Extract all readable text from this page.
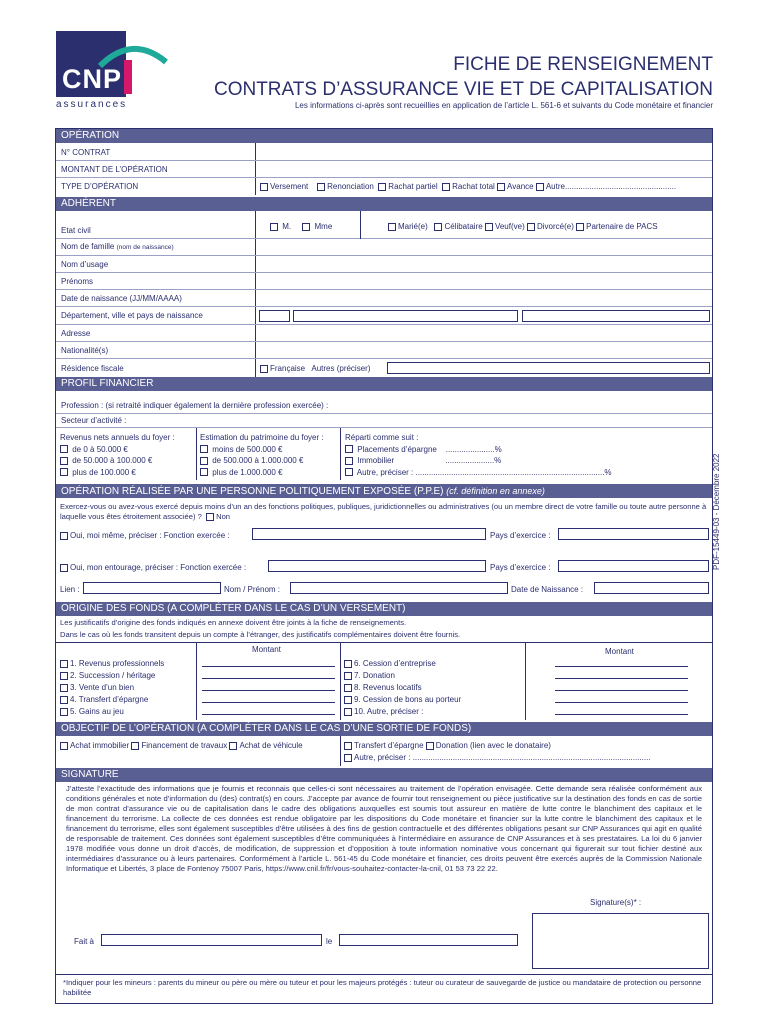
CNP
assurances
FICHE DE RENSEIGNEMENT
CONTRATS D’ASSURANCE VIE ET DE CAPITALISATION
Les informations ci-après sont recueillies en application de l’article L. 561-6 et suivants du Code monétaire et financier
PDF-15449-03 - Décembre 2022
OPÉRATION
N° CONTRAT
MONTANT DE L’OPÉRATION
TYPE D’OPÉRATION	Versement Renonciation Rachat partiel Rachat total Avance Autre..................................................
ADHÉRENT
Etat civil	M.	Mme	Marié(e) Célibataire Veuf(ve) Divorcé(e) Partenaire de PACS
Nom de famille (nom de naissance)
Nom d’usage
Prénoms
Date de naissance (JJ/MM/AAAA)
Département, ville et pays de naissance
Adresse
Nationalité(s)
Résidence fiscale	Française Autres (préciser)
PROFIL FINANCIER
Profession : (si retraité indiquer également la dernière profession exercée) :
Secteur d’activité :
Revenus nets annuels du foyer :
de 0 à 50.000 €
de 50.000 à 100.000 €
plus de 100.000 €
Estimation du patrimoine du foyer :
moins de 500.000 €
de 500.000 à 1.000.000 €
plus de 1.000.000 €
Réparti comme suit :
Placements d’épargne ......................%
Immobilier	......................%
Autre, préciser : .....................................................................................%
OPÉRATION RÉALISÉE PAR UNE PERSONNE POLITIQUEMENT EXPOSÉE (P.P.E) (cf. définition en annexe)
Exercez-vous ou avez-vous exercé depuis moins d’un an des fonctions politiques, publiques, juridictionnelles ou administratives (ou un membre direct de votre famille ou toute autre personne à laquelle vous êtes étroitement associée) ? Non
Oui, moi même, préciser : Fonction exercée :	Pays d’exercice :
Oui, mon entourage, préciser : Fonction exercée :	Pays d’exercice :
Lien :	Nom / Prénom :	Date de Naissance :
ORIGINE DES FONDS (A COMPLÉTER DANS LE CAS D’UN VERSEMENT)
Les justificatifs d’origine des fonds indiqués en annexe doivent être joints à la fiche de renseignements.
Dans le cas où les fonds transitent depuis un compte à l’étranger, des justificatifs complémentaires doivent être fournis.
Montant	Montant
1. Revenus professionnels
2. Succession / héritage
3. Vente d’un bien
4. Transfert d’épargne
5. Gains au jeu
6. Cession d’entreprise
7. Donation
8. Revenus locatifs
9. Cession de bons au porteur
10. Autre, préciser :
OBJECTIF DE L’OPÉRATION (A COMPLÉTER DANS LE CAS D’UNE SORTIE DE FONDS)
Achat immobilier Financement de travaux Achat de véhicule	Transfert d’épargne Donation (lien avec le donataire)
Autre, préciser : ...........................................................................................................
SIGNATURE
J’atteste l’exactitude des informations que je fournis et reconnais que celles-ci sont nécessaires au traitement de l’opération envisagée. Cette demande sera réalisée conformément aux conditions générales et note d’information du (des) contrat(s) en cours. J’accepte par avance de fournir tout renseignement ou pièce justificative sur la destination des fonds en cas de sortie de mon contrat d’assurance vie ou de capitalisation dans le cadre des obligations auxquelles est soumis tout assureur en matière de lutte contre le blanchiment des capitaux et le financement du terrorisme. La collecte de ces données est rendue obligatoire par les dispositions du Code monétaire et financier sur la lutte contre le blanchiment des capitaux et le financement du terrorisme, elles sont également susceptibles d’être utilisées à des fins de gestion contractuelle et des différentes obligations pesant sur CNP Assurances qui agit en qualité de responsable de traitement. Ces données sont également susceptibles d’être communiquées à l’intermédiaire en assurance de CNP Assurances et à ses prestataires. La loi du 6 janvier 1978 modifiée vous donne un droit d’accès, de modification, de suppression et d’opposition à toute information nominative vous concernant qui figurerait sur tout fichier destiné aux intermédiaires d’assurance ou à leurs partenaires. Conformément à l’article L. 561-45 du Code monétaire et financier, ces droits peuvent être exercés auprès de la Commission Nationale Informatique et Libertés, 3 place de Fontenoy 75007 Paris, https://www.cnil.fr/fr/vous-souhaitez-contacter-la-cnil, 01 53 73 22 22.
Signature(s)* :
Fait à	le
*Indiquer pour les mineurs : parents du mineur ou père ou mère ou tuteur et pour les majeurs protégés : tuteur ou curateur de sauvegarde de justice ou mandataire de protection ou personne habilitée
